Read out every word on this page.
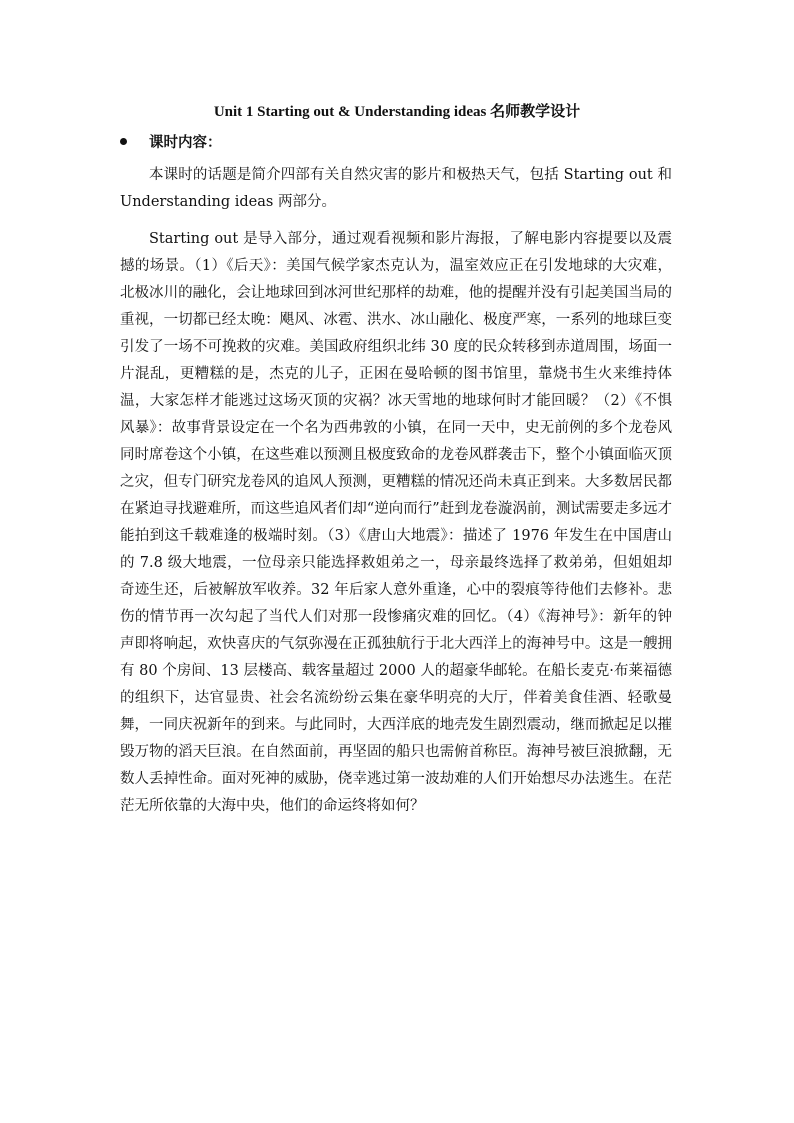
Unit 1 Starting out & Understanding ideas 名师教学设计
课时内容：

本课时的话题是简介四部有关自然灾害的影片和极热天气，包括 Starting out 和 Understanding ideas 两部分。

Starting out 是导入部分，通过观看视频和影片海报，了解电影内容提要以及震撼的场景。（1）《后天》：美国气候学家杰克认为，温室效应正在引发地球的大灾难，北极冰川的融化，会让地球回到冰河世纪那样的劫难，他的提醒并没有引起美国当局的重视，一切都已经太晚：飓风、冰雹、洪水、冰山融化、极度严寒，一系列的地球巨变引发了一场不可挽救的灾难。美国政府组织北纬 30 度的民众转移到赤道周围，场面一片混乱，更糟糕的是，杰克的儿子，正困在曼哈顿的图书馆里，靠烧书生火来维持体温，大家怎样才能逃过这场灭顶的灾祸？冰天雪地的地球何时才能回暖？（2）《不惧风暴》：故事背景设定在一个名为西弗敦的小镇，在同一天中，史无前例的多个龙卷风同时席卷这个小镇，在这些难以预测且极度致命的龙卷风群袭击下，整个小镇面临灭顶之灾，但专门研究龙卷风的追风人预测，更糟糕的情况还尚未真正到来。大多数居民都在紧迫寻找避难所，而这些追风者们却“逆向而行”赶到龙卷漩涡前，测试需要走多远才能拍到这千载难逢的极端时刻。（3）《唐山大地震》：描述了 1976 年发生在中国唐山的 7.8 级大地震，一位母亲只能选择救姐弟之一，母亲最终选择了救弟弟，但姐姐却奇迹生还，后被解放军收养。32 年后家人意外重逢，心中的裂痕等待他们去修补。悲伤的情节再一次勾起了当代人们对那一段惨痛灾难的回忆。（4）《海神号》：新年的钟声即将响起，欢快喜庆的气氛弥漫在正孤独航行于北大西洋上的海神号中。这是一艘拥有 80 个房间、13 层楼高、载客量超过 2000 人的超豪华邮轮。在船长麦克·布莱福德的组织下，达官显贵、社会名流纷纷云集在豪华明亮的大厅，伴着美食佳酒、轻歌曼舞，一同庆祝新年的到来。与此同时，大西洋底的地壳发生剧烈震动，继而掀起足以摧毁万物的滔天巨浪。在自然面前，再坚固的船只也需俯首称臣。海神号被巨浪掀翻，无数人丢掉性命。面对死神的威胁，侥幸逃过第一波劫难的人们开始想尽办法逃生。在茫茫无所依靠的大海中央，他们的命运终将如何？
